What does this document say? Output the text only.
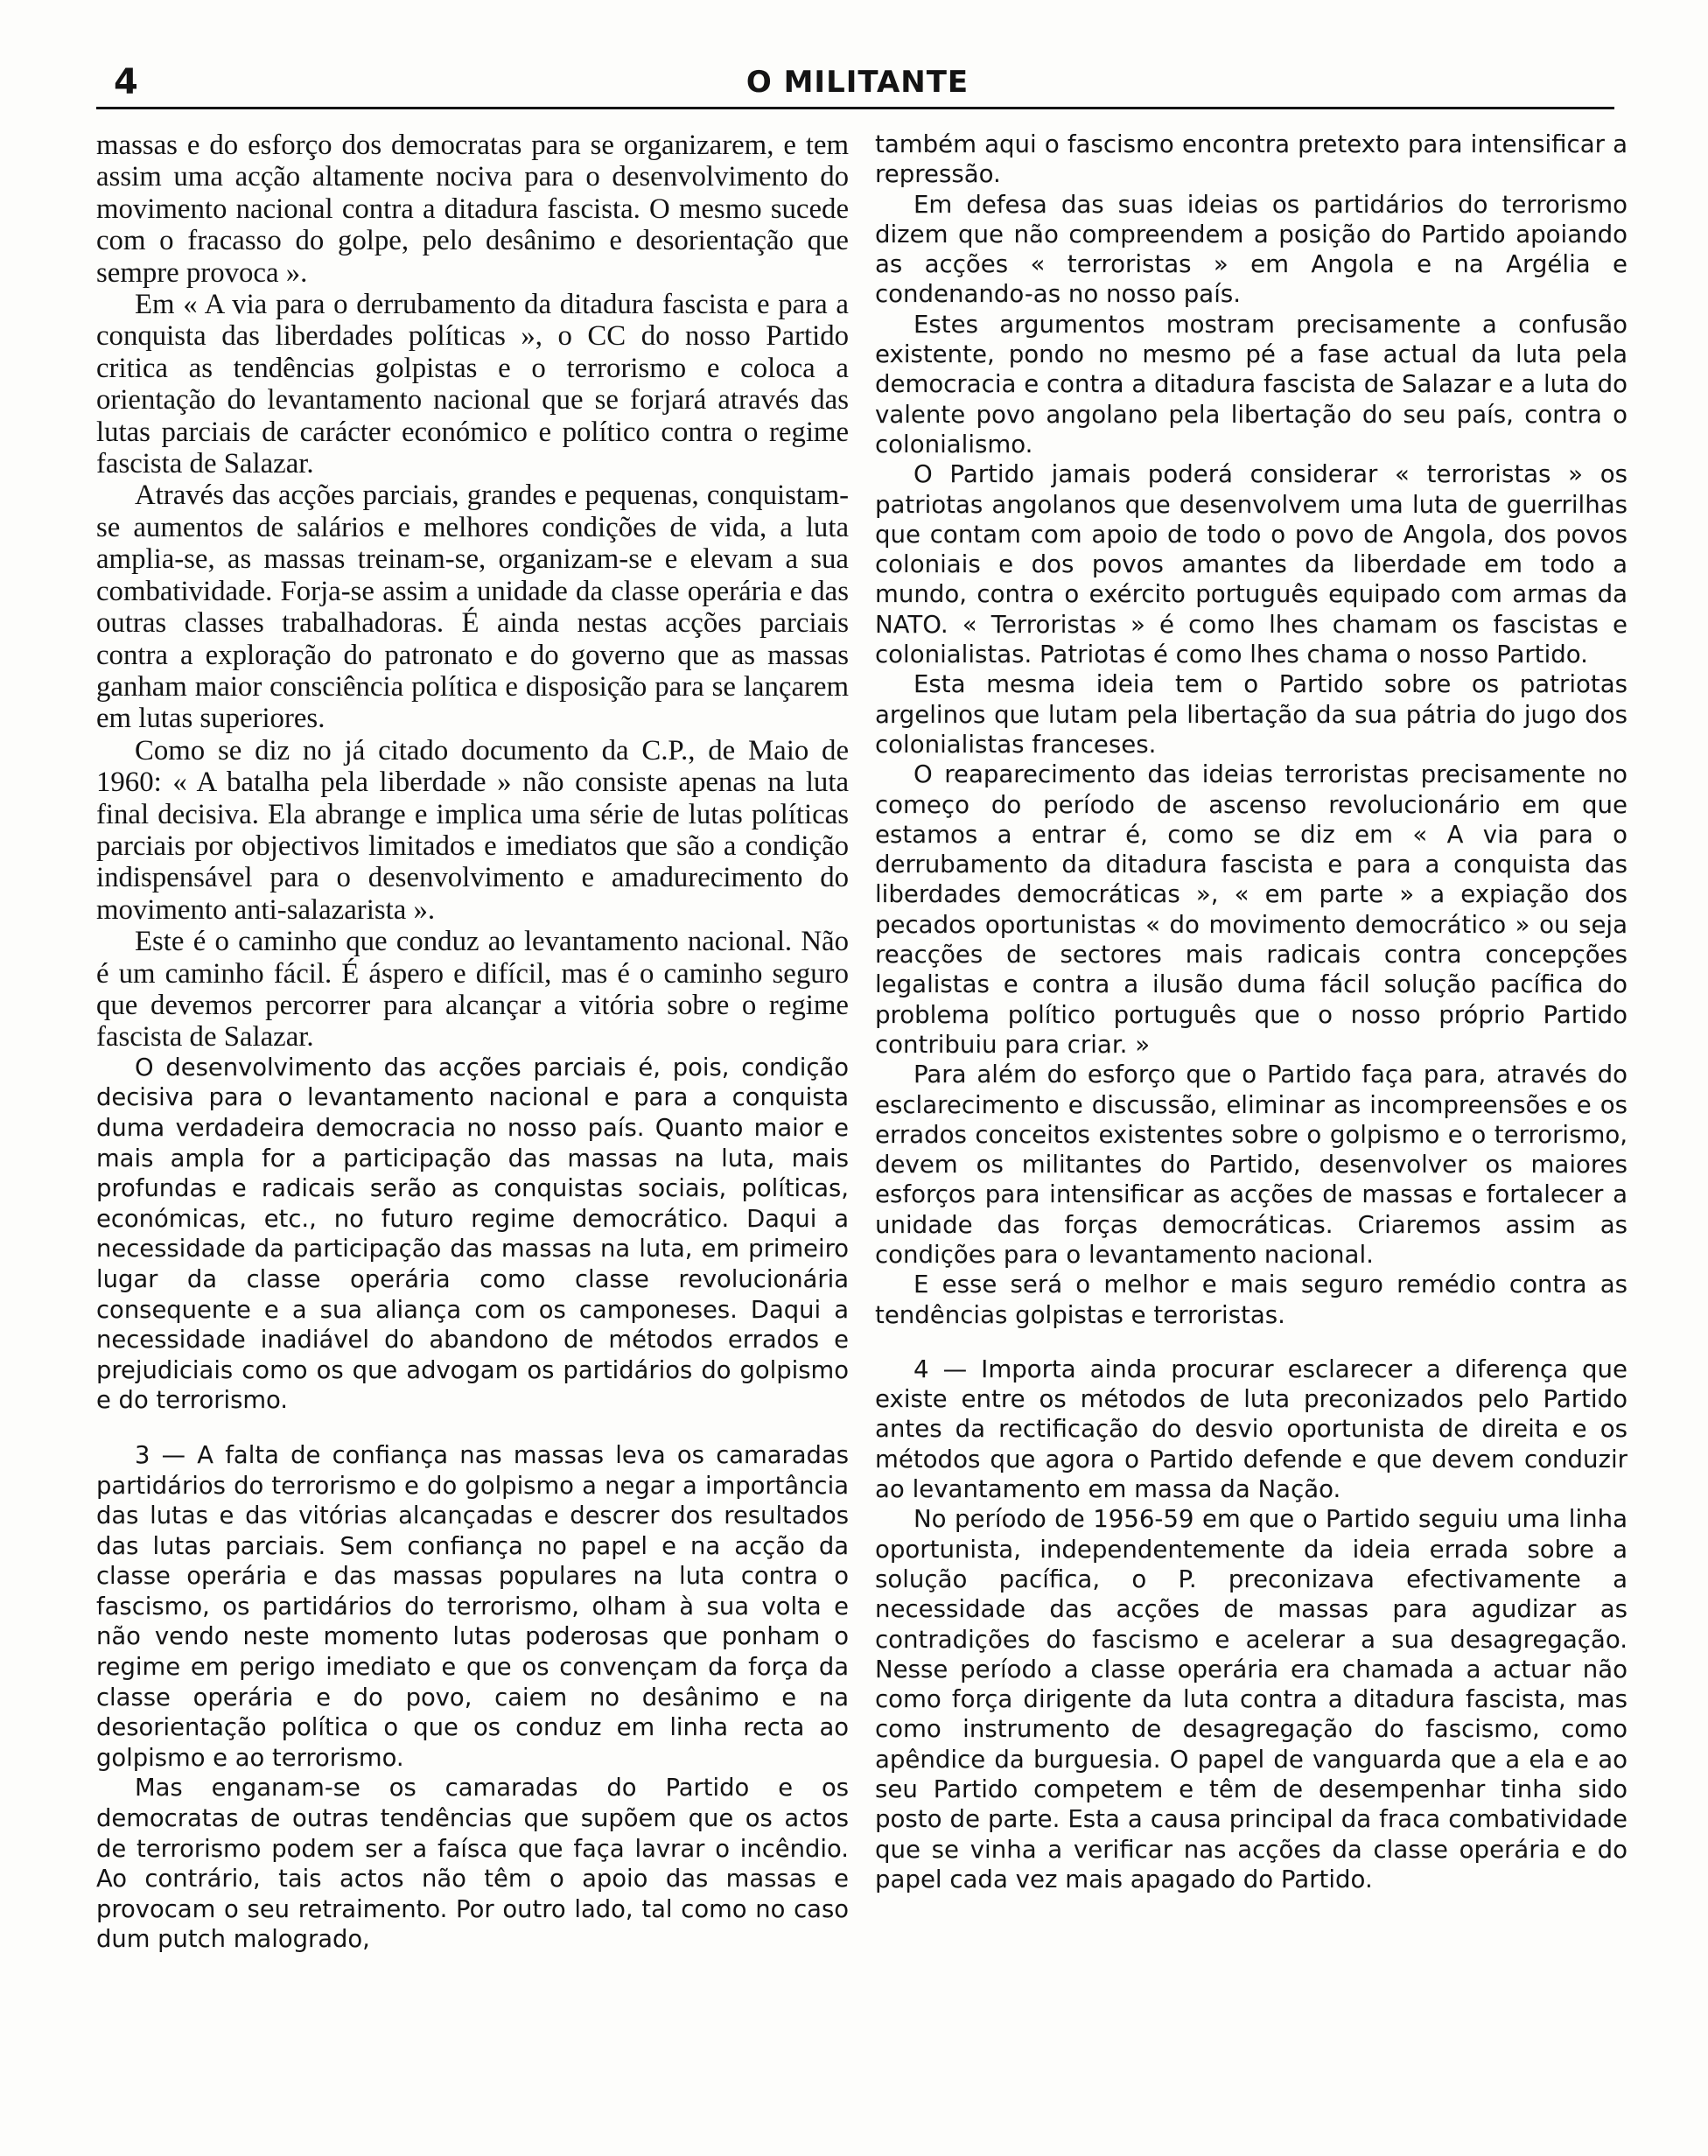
4	O MILITANTE

massas e do esforço dos democratas para se organizarem, e tem assim uma acção altamente nociva para o desenvolvimento do movimento nacional contra a ditadura fascista. O mesmo sucede com o fracasso do golpe, pelo desânimo e desorientação que sempre provoca ».

Em « A via para o derrubamento da ditadura fascista e para a conquista das liberdades políticas », o CC do nosso Partido critica as tendências golpistas e o terrorismo e coloca a orientação do levantamento nacional que se forjará através das lutas parciais de carácter económico e político contra o regime fascista de Salazar.

Através das acções parciais, grandes e pequenas, conquistam-se aumentos de salários e melhores condições de vida, a luta amplia-se, as massas treinam-se, organizam-se e elevam a sua combatividade. Forja-se assim a unidade da classe operária e das outras classes trabalhadoras. É ainda nestas acções parciais contra a exploração do patronato e do governo que as massas ganham maior consciência política e disposição para se lançarem em lutas superiores.

Como se diz no já citado documento da C.P., de Maio de 1960: « A batalha pela liberdade » não consiste apenas na luta final decisiva. Ela abrange e implica uma série de lutas políticas parciais por objectivos limitados e imediatos que são a condição indispensável para o desenvolvimento e amadurecimento do movimento anti-salazarista ».

Este é o caminho que conduz ao levantamento nacional. Não é um caminho fácil. É áspero e difícil, mas é o caminho seguro que devemos percorrer para alcançar a vitória sobre o regime fascista de Salazar.

O desenvolvimento das acções parciais é, pois, condição decisiva para o levantamento nacional e para a conquista duma verdadeira democracia no nosso país. Quanto maior e mais ampla for a participação das massas na luta, mais profundas e radicais serão as conquistas sociais, políticas, económicas, etc., no futuro regime democrático. Daqui a necessidade da participação das massas na luta, em primeiro lugar da classe operária como classe revolucionária consequente e a sua aliança com os camponeses. Daqui a necessidade inadiável do abandono de métodos errados e prejudiciais como os que advogam os partidários do golpismo e do terrorismo.

3 — A falta de confiança nas massas leva os camaradas partidários do terrorismo e do golpismo a negar a importância das lutas e das vitórias alcançadas e descrer dos resultados das lutas parciais. Sem confiança no papel e na acção da classe operária e das massas populares na luta contra o fascismo, os partidários do terrorismo, olham à sua volta e não vendo neste momento lutas poderosas que ponham o regime em perigo imediato e que os convençam da força da classe operária e do povo, caiem no desânimo e na desorientação política o que os conduz em linha recta ao golpismo e ao terrorismo.

Mas enganam-se os camaradas do Partido e os democratas de outras tendências que supõem que os actos de terrorismo podem ser a faísca que faça lavrar o incêndio. Ao contrário, tais actos não têm o apoio das massas e provocam o seu retraimento. Por outro lado, tal como no caso dum putch malogrado,

também aqui o fascismo encontra pretexto para intensificar a repressão.

Em defesa das suas ideias os partidários do terrorismo dizem que não compreendem a posição do Partido apoiando as acções « terroristas » em Angola e na Argélia e condenando-as no nosso país.

Estes argumentos mostram precisamente a confusão existente, pondo no mesmo pé a fase actual da luta pela democracia e contra a ditadura fascista de Salazar e a luta do valente povo angolano pela libertação do seu país, contra o colonialismo.

O Partido jamais poderá considerar « terroristas » os patriotas angolanos que desenvolvem uma luta de guerrilhas que contam com apoio de todo o povo de Angola, dos povos coloniais e dos povos amantes da liberdade em todo a mundo, contra o exército português equipado com armas da NATO. « Terroristas » é como lhes chamam os fascistas e colonialistas. Patriotas é como lhes chama o nosso Partido.

Esta mesma ideia tem o Partido sobre os patriotas argelinos que lutam pela libertação da sua pátria do jugo dos colonialistas franceses.

O reaparecimento das ideias terroristas precisamente no começo do período de ascenso revolucionário em que estamos a entrar é, como se diz em « A via para o derrubamento da ditadura fascista e para a conquista das liberdades democráticas », « em parte » a expiação dos pecados oportunistas « do movimento democrático » ou seja reacções de sectores mais radicais contra concepções legalistas e contra a ilusão duma fácil solução pacífica do problema político português que o nosso próprio Partido contribuiu para criar. »

Para além do esforço que o Partido faça para, através do esclarecimento e discussão, eliminar as incompreensões e os errados conceitos existentes sobre o golpismo e o terrorismo, devem os militantes do Partido, desenvolver os maiores esforços para intensificar as acções de massas e fortalecer a unidade das forças democráticas. Criaremos assim as condições para o levantamento nacional.

E esse será o melhor e mais seguro remédio contra as tendências golpistas e terroristas.

4 — Importa ainda procurar esclarecer a diferença que existe entre os métodos de luta preconizados pelo Partido antes da rectificação do desvio oportunista de direita e os métodos que agora o Partido defende e que devem conduzir ao levantamento em massa da Nação.

No período de 1956-59 em que o Partido seguiu uma linha oportunista, independentemente da ideia errada sobre a solução pacífica, o P. preconizava efectivamente a necessidade das acções de massas para agudizar as contradições do fascismo e acelerar a sua desagregação. Nesse período a classe operária era chamada a actuar não como força dirigente da luta contra a ditadura fascista, mas como instrumento de desagregação do fascismo, como apêndice da burguesia. O papel de vanguarda que a ela e ao seu Partido competem e têm de desempenhar tinha sido posto de parte. Esta a causa principal da fraca combatividade que se vinha a verificar nas acções da classe operária e do papel cada vez mais apagado do Partido.
